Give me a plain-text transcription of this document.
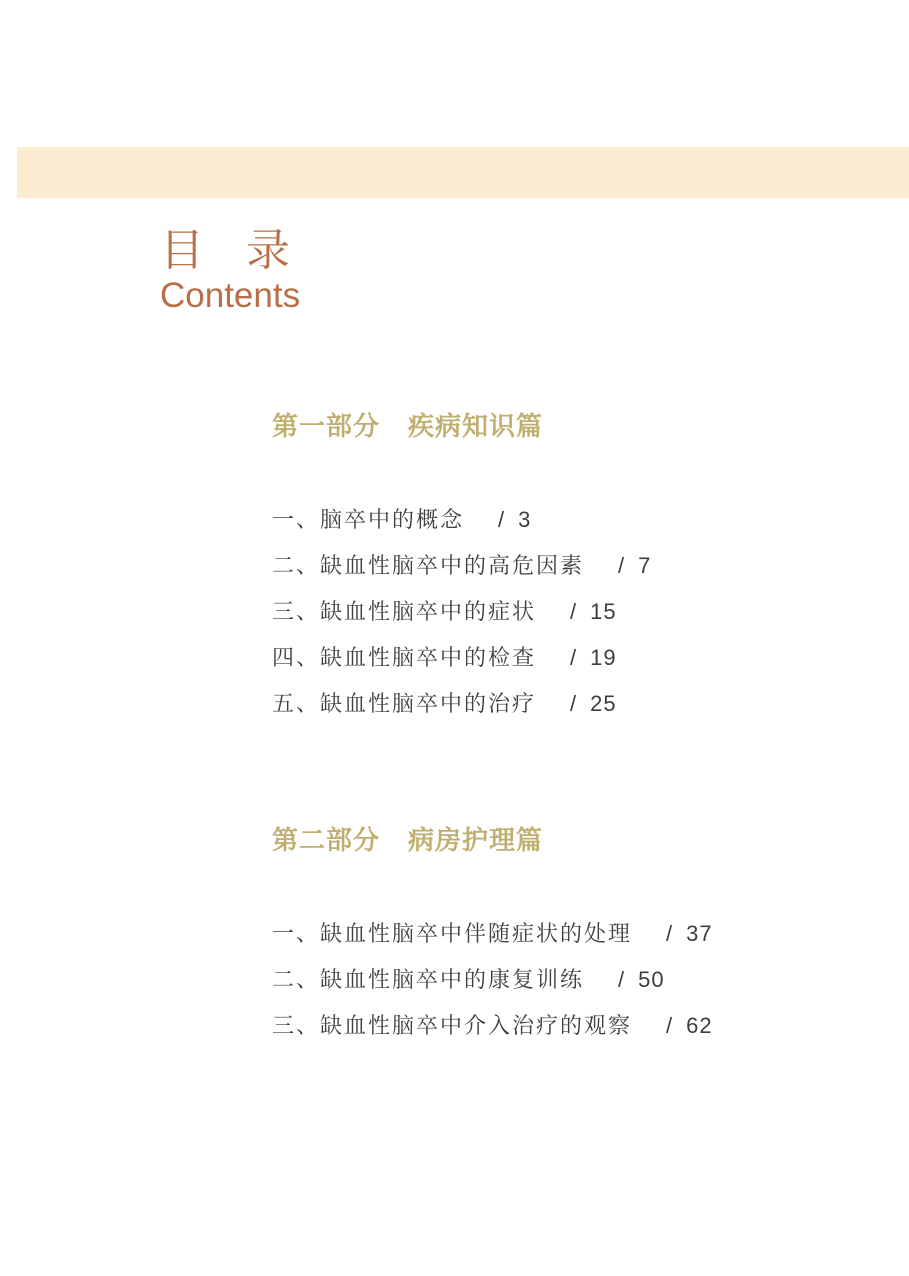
目录
Contents
第一部分 疾病知识篇
一、脑卒中的概念 / 3
二、缺血性脑卒中的高危因素 / 7
三、缺血性脑卒中的症状 / 15
四、缺血性脑卒中的检查 / 19
五、缺血性脑卒中的治疗 / 25
第二部分 病房护理篇
一、缺血性脑卒中伴随症状的处理 / 37
二、缺血性脑卒中的康复训练 / 50
三、缺血性脑卒中介入治疗的观察 / 62
